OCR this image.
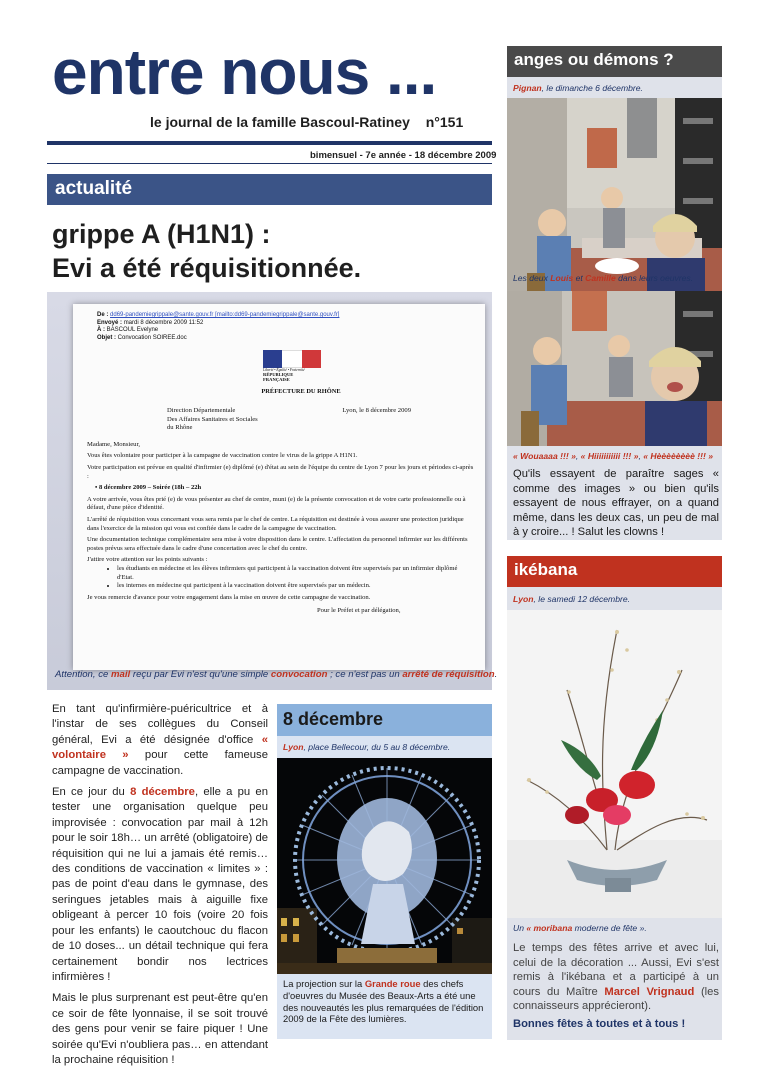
entre nous ...
le journal de la famille Bascoul-Ratiney n°151
bimensuel - 7e année - 18 décembre 2009
actualité
grippe A (H1N1) :
Evi a été réquisitionnée.
De : dd69-pandemiegrippale@sante.gouv.fr [mailto:dd69-pandemiegrippale@sante.gouv.fr]
Envoyé : mardi 8 décembre 2009 11:52
À : BASCOUL Evelyne
Objet : Convocation SOIREE.doc
Liberté • Égalité • Fraternité
RÉPUBLIQUE FRANÇAISE
PRÉFECTURE DU RHÔNE
Direction Départementale
Des Affaires Sanitaires et Sociales
du Rhône
Lyon, le 8 décembre 2009
Madame, Monsieur,
Vous êtes volontaire pour participer à la campagne de vaccination contre le virus de la grippe A H1N1.
Votre participation est prévue en qualité d'infirmier (e) diplômé (e) d'état au sein de l'équipe du centre de Lyon 7 pour les jours et périodes ci-après :
• 8 décembre 2009 – Soirée (18h – 22h
A votre arrivée, vous êtes prié (e) de vous présenter au chef de centre, muni (e) de la présente convocation et de votre carte professionnelle ou à défaut, d'une pièce d'identité.
L'arrêté de réquisition vous concernant vous sera remis par le chef de centre. La réquisition est destinée à vous assurer une protection juridique dans l'exercice de la mission qui vous est confiée dans le cadre de la campagne de vaccination.
Une documentation technique complémentaire sera mise à votre disposition dans le centre. L'affectation du personnel infirmier sur les différents postes prévus sera effectuée dans le cadre d'une concertation avec le chef du centre.
J'attire votre attention sur les points suivants :
• les étudiants en médecine et les élèves infirmiers qui participent à la vaccination doivent être supervisés par un infirmier diplômé d'Etat.
• les internes en médecine qui participent à la vaccination doivent être supervisés par un médecin.
Je vous remercie d'avance pour votre engagement dans la mise en œuvre de cette campagne de vaccination.
Pour le Préfet et par délégation,
Attention, ce mail reçu par Evi n'est qu'une simple convocation ; ce n'est pas un arrêté de réquisition.

En tant qu'infirmière-puéricultrice et à l'instar de ses collègues du Conseil général, Evi a été désignée d'office « volontaire » pour cette fameuse campagne de vaccination.

En ce jour du 8 décembre, elle a pu en tester une organisation quelque peu improvisée : convocation par mail à 12h pour le soir 18h… un arrêté (obligatoire) de réquisition qui ne lui a jamais été remis… des conditions de vaccination « limites » : pas de point d'eau dans le gymnase, des seringues jetables mais à aiguille fixe obligeant à percer 10 fois (voire 20 fois pour les enfants) le caoutchouc du flacon de 10 doses... un détail technique qui fera certainement bondir nos lectrices infirmières !

Mais le plus surprenant est peut-être qu'en ce soir de fête lyonnaise, il se soit trouvé des gens pour venir se faire piquer ! Une soirée qu'Evi n'oubliera pas… en attendant la prochaine réquisition !

8 décembre
Lyon, place Bellecour, du 5 au 8 décembre.
La projection sur la Grande roue des chefs d'oeuvres du Musée des Beaux-Arts a été une des nouveautés les plus remarquées de l'édition 2009 de la Fête des lumières.
anges ou démons ?
Pignan, le dimanche 6 décembre.
Les deux Louis et Camille dans leurs oeuvres.
« Wouaaaa !!! », « Hiiiiiiiiiii !!! », « Hèèèèèèèè !!! »
Qu'ils essayent de paraître sages « comme des images » ou bien qu'ils essayent de nous effrayer, on a quand même, dans les deux cas, un peu de mal à y croire... ! Salut les clowns !
ikébana
Lyon, le samedi 12 décembre.
Un « moribana moderne de fête ».
Le temps des fêtes arrive et avec lui, celui de la décoration ... Aussi, Evi s'est remis à l'ikébana et a participé à un cours du Maître Marcel Vrignaud (les connaisseurs apprécieront).
Bonnes fêtes à toutes et à tous !
